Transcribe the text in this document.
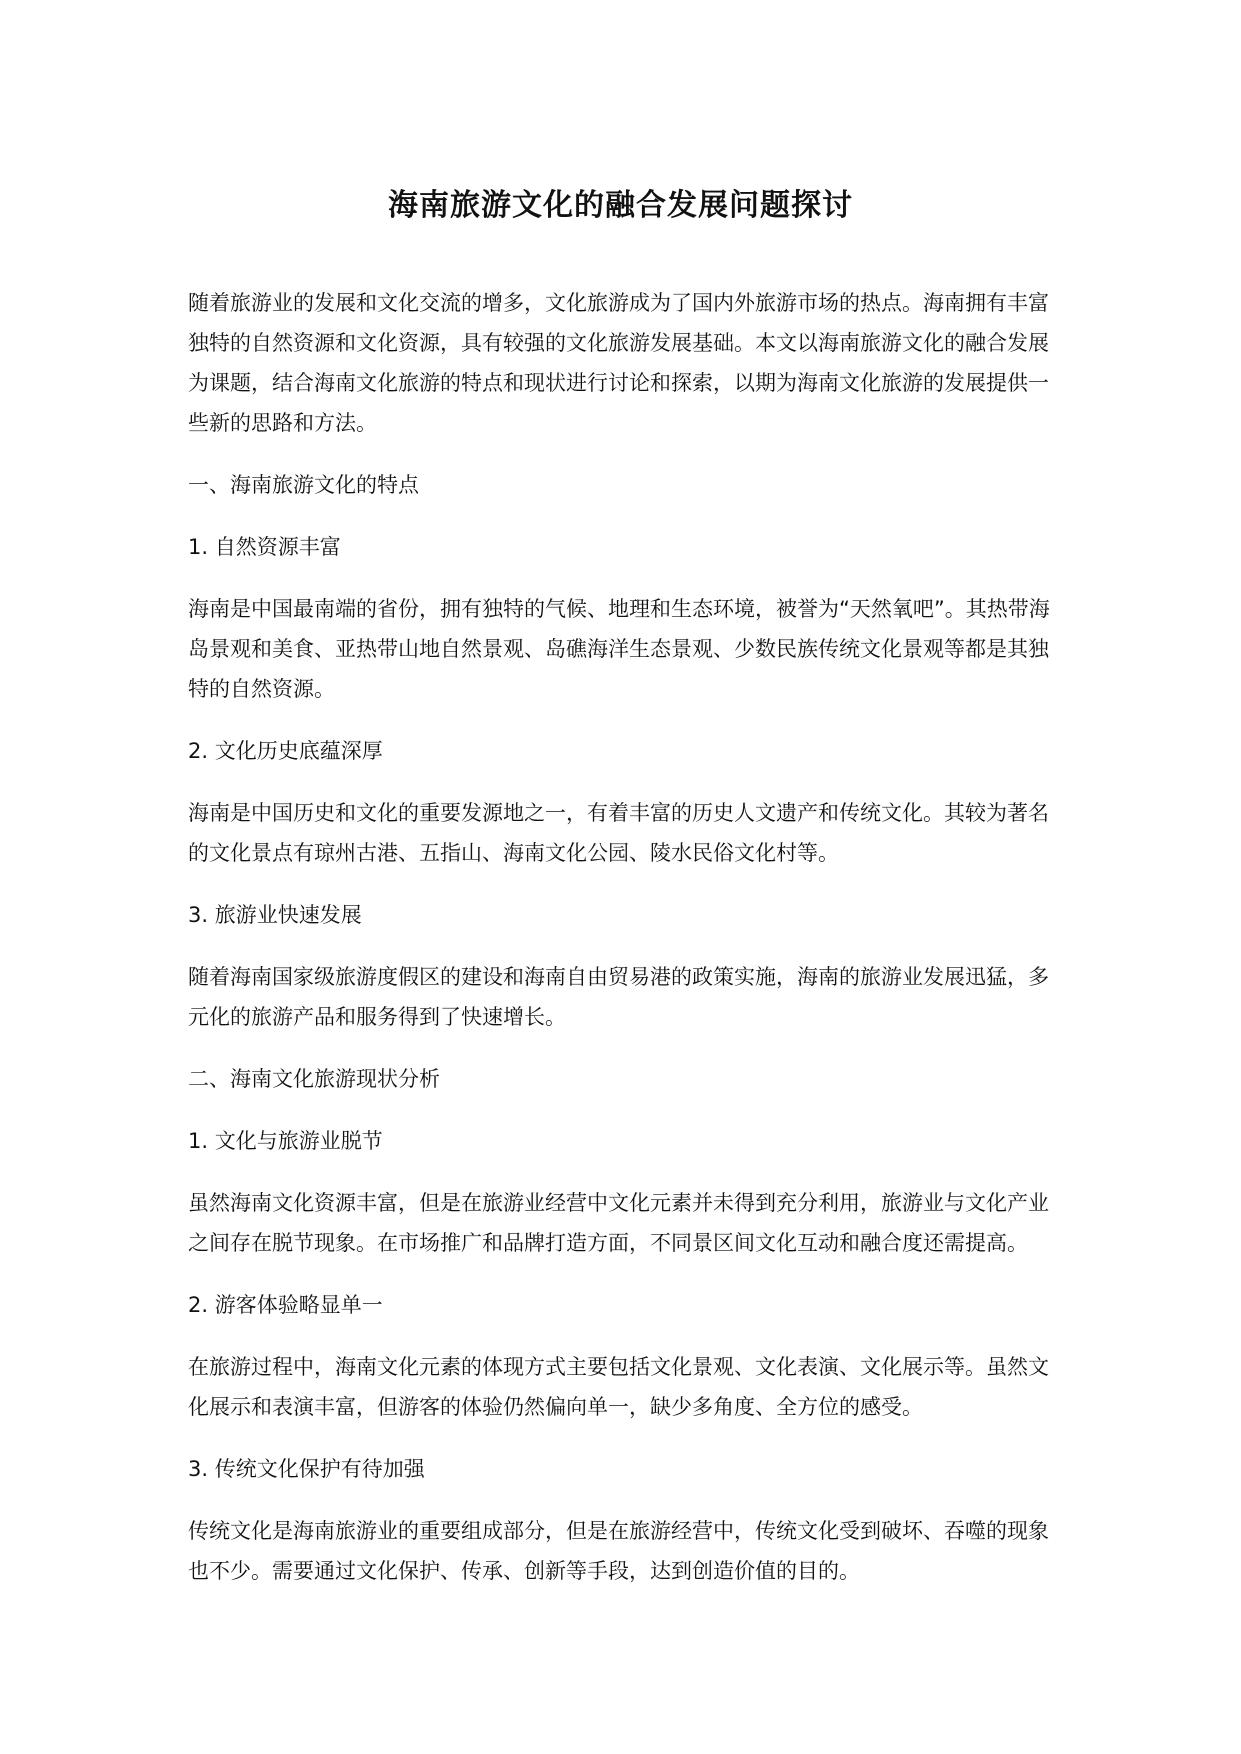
海南旅游文化的融合发展问题探讨

随着旅游业的发展和文化交流的增多，文化旅游成为了国内外旅游市场的热点。海南拥有丰富独特的自然资源和文化资源，具有较强的文化旅游发展基础。本文以海南旅游文化的融合发展为课题，结合海南文化旅游的特点和现状进行讨论和探索，以期为海南文化旅游的发展提供一些新的思路和方法。

一、海南旅游文化的特点

1. 自然资源丰富

海南是中国最南端的省份，拥有独特的气候、地理和生态环境，被誉为“天然氧吧”。其热带海岛景观和美食、亚热带山地自然景观、岛礁海洋生态景观、少数民族传统文化景观等都是其独特的自然资源。

2. 文化历史底蕴深厚

海南是中国历史和文化的重要发源地之一，有着丰富的历史人文遗产和传统文化。其较为著名的文化景点有琼州古港、五指山、海南文化公园、陵水民俗文化村等。

3. 旅游业快速发展

随着海南国家级旅游度假区的建设和海南自由贸易港的政策实施，海南的旅游业发展迅猛，多元化的旅游产品和服务得到了快速增长。

二、海南文化旅游现状分析

1. 文化与旅游业脱节

虽然海南文化资源丰富，但是在旅游业经营中文化元素并未得到充分利用，旅游业与文化产业之间存在脱节现象。在市场推广和品牌打造方面，不同景区间文化互动和融合度还需提高。

2. 游客体验略显单一

在旅游过程中，海南文化元素的体现方式主要包括文化景观、文化表演、文化展示等。虽然文化展示和表演丰富，但游客的体验仍然偏向单一，缺少多角度、全方位的感受。

3. 传统文化保护有待加强

传统文化是海南旅游业的重要组成部分，但是在旅游经营中，传统文化受到破坏、吞噬的现象也不少。需要通过文化保护、传承、创新等手段，达到创造价值的目的。
